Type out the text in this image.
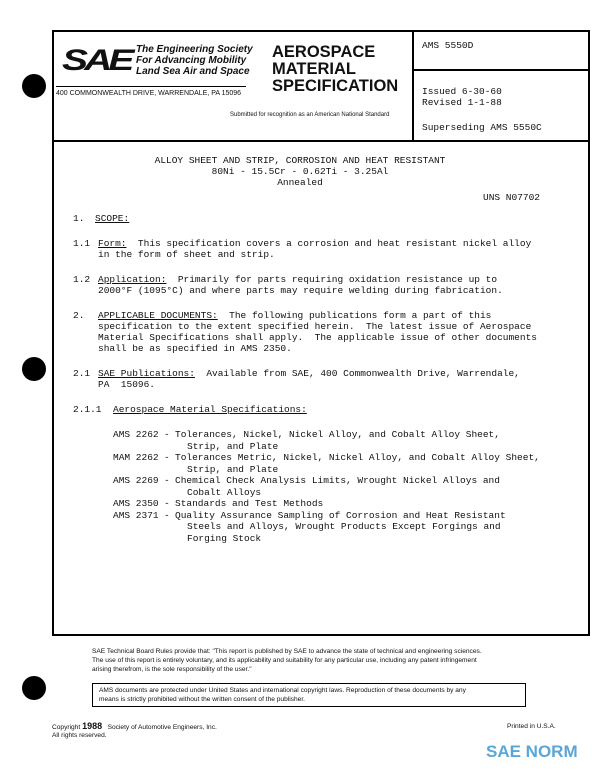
SAE The Engineering Society
For Advancing Mobility
Land Sea Air and Space
400 COMMONWEALTH DRIVE, WARRENDALE, PA 15096
AEROSPACE
MATERIAL
SPECIFICATION
Submitted for recognition as an American National Standard
AMS 5550D
Issued 6-30-60
Revised 1-1-88
Superseding AMS 5550C
ALLOY SHEET AND STRIP, CORROSION AND HEAT RESISTANT
80Ni - 15.5Cr - 0.62Ti - 3.25Al
Annealed
UNS N07702
1. SCOPE:
1.1 Form: This specification covers a corrosion and heat resistant nickel alloy
in the form of sheet and strip.
1.2 Application: Primarily for parts requiring oxidation resistance up to
2000°F (1095°C) and where parts may require welding during fabrication.
2. APPLICABLE DOCUMENTS: The following publications form a part of this
specification to the extent specified herein.  The latest issue of Aerospace
Material Specifications shall apply.  The applicable issue of other documents
shall be as specified in AMS 2350.
2.1 SAE Publications: Available from SAE, 400 Commonwealth Drive, Warrendale,
PA  15096.
2.1.1 Aerospace Material Specifications:
AMS 2262 - Tolerances, Nickel, Nickel Alloy, and Cobalt Alloy Sheet,
Strip, and Plate
MAM 2262 - Tolerances Metric, Nickel, Nickel Alloy, and Cobalt Alloy Sheet,
Strip, and Plate
AMS 2269 - Chemical Check Analysis Limits, Wrought Nickel Alloys and
Cobalt Alloys
AMS 2350 - Standards and Test Methods
AMS 2371 - Quality Assurance Sampling of Corrosion and Heat Resistant
Steels and Alloys, Wrought Products Except Forgings and
Forging Stock
SAE Technical Board Rules provide that: "This report is published by SAE to advance the state of technical and engineering sciences.
The use of this report is entirely voluntary, and its applicability and suitability for any particular use, including any patent infringement
arising therefrom, is the sole responsibility of the user."
AMS documents are protected under United States and international copyright laws. Reproduction of these documents by any
means is strictly prohibited without the written consent of the publisher.
Copyright 1988 Society of Automotive Engineers, Inc.
All rights reserved.
Printed in U.S.A.
SAE NORM
